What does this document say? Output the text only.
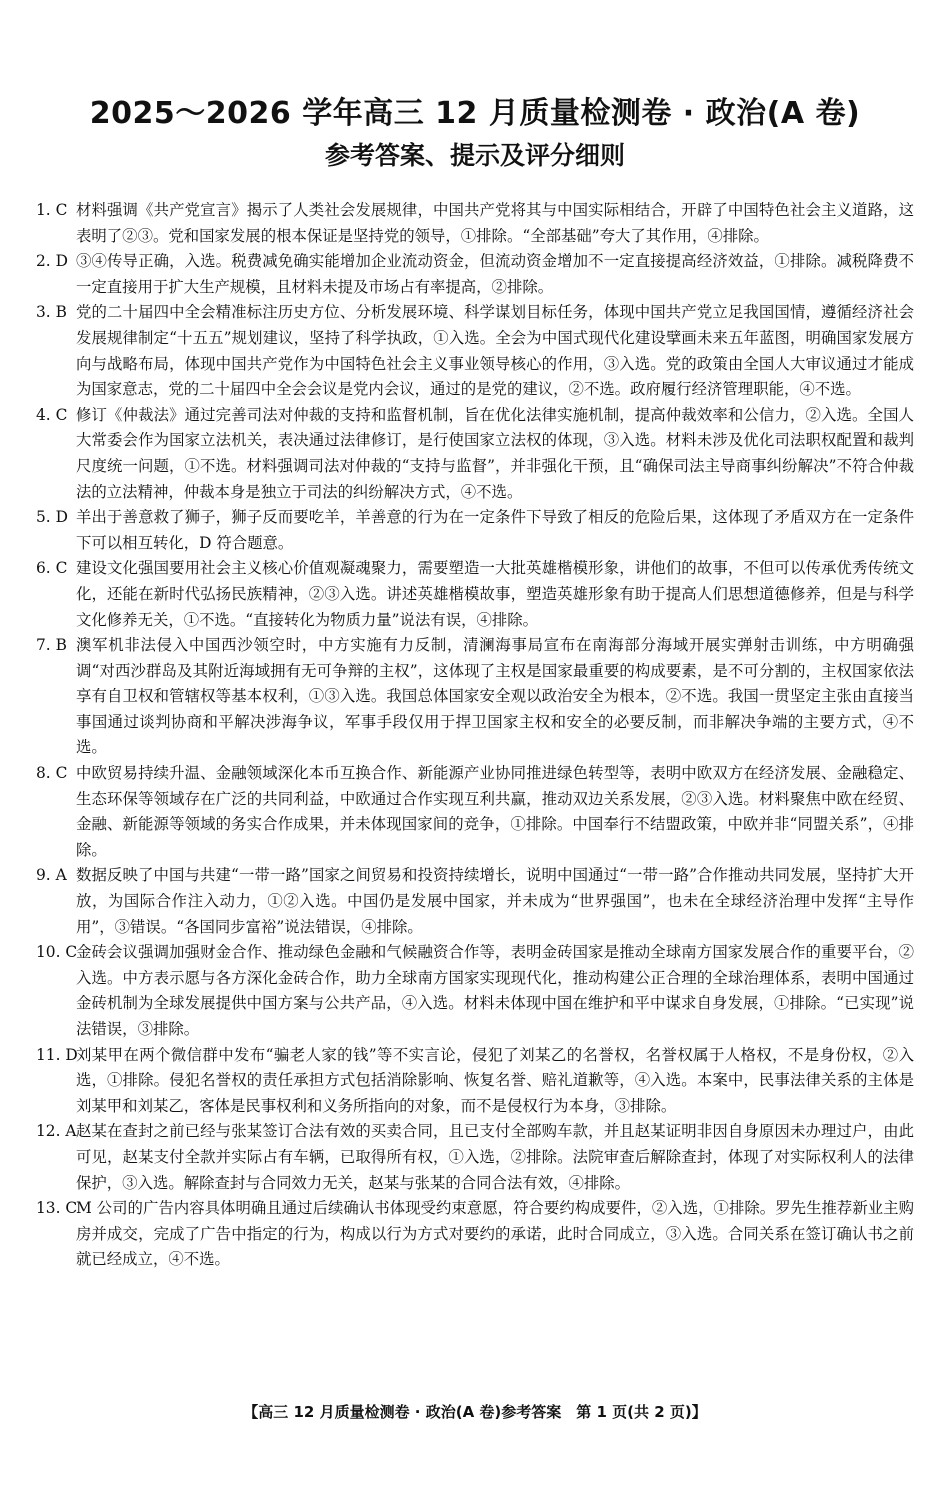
2025～2026 学年高三 12 月质量检测卷 · 政治(A 卷)
参考答案、提示及评分细则
1. C 材料强调《共产党宣言》揭示了人类社会发展规律，中国共产党将其与中国实际相结合，开辟了中国特色社会主义道路，这表明了②③。党和国家发展的根本保证是坚持党的领导，①排除。“全部基础”夸大了其作用，④排除。
2. D ③④传导正确，入选。税费减免确实能增加企业流动资金，但流动资金增加不一定直接提高经济效益，①排除。减税降费不一定直接用于扩大生产规模，且材料未提及市场占有率提高，②排除。
3. B 党的二十届四中全会精准标注历史方位、分析发展环境、科学谋划目标任务，体现中国共产党立足我国国情，遵循经济社会发展规律制定“十五五”规划建议，坚持了科学执政，①入选。全会为中国式现代化建设擘画未来五年蓝图，明确国家发展方向与战略布局，体现中国共产党作为中国特色社会主义事业领导核心的作用，③入选。党的政策由全国人大审议通过才能成为国家意志，党的二十届四中全会会议是党内会议，通过的是党的建议，②不选。政府履行经济管理职能，④不选。
4. C 修订《仲裁法》通过完善司法对仲裁的支持和监督机制，旨在优化法律实施机制，提高仲裁效率和公信力，②入选。全国人大常委会作为国家立法机关，表决通过法律修订，是行使国家立法权的体现，③入选。材料未涉及优化司法职权配置和裁判尺度统一问题，①不选。材料强调司法对仲裁的“支持与监督”，并非强化干预，且“确保司法主导商事纠纷解决”不符合仲裁法的立法精神，仲裁本身是独立于司法的纠纷解决方式，④不选。
5. D 羊出于善意救了狮子，狮子反而要吃羊，羊善意的行为在一定条件下导致了相反的危险后果，这体现了矛盾双方在一定条件下可以相互转化，D 符合题意。
6. C 建设文化强国要用社会主义核心价值观凝魂聚力，需要塑造一大批英雄楷模形象，讲他们的故事，不但可以传承优秀传统文化，还能在新时代弘扬民族精神，②③入选。讲述英雄楷模故事，塑造英雄形象有助于提高人们思想道德修养，但是与科学文化修养无关，①不选。“直接转化为物质力量”说法有误，④排除。
7. B 澳军机非法侵入中国西沙领空时，中方实施有力反制，清澜海事局宣布在南海部分海域开展实弹射击训练，中方明确强调“对西沙群岛及其附近海域拥有无可争辩的主权”，这体现了主权是国家最重要的构成要素，是不可分割的，主权国家依法享有自卫权和管辖权等基本权利，①③入选。我国总体国家安全观以政治安全为根本，②不选。我国一贯坚定主张由直接当事国通过谈判协商和平解决涉海争议，军事手段仅用于捍卫国家主权和安全的必要反制，而非解决争端的主要方式，④不选。
8. C 中欧贸易持续升温、金融领域深化本币互换合作、新能源产业协同推进绿色转型等，表明中欧双方在经济发展、金融稳定、生态环保等领域存在广泛的共同利益，中欧通过合作实现互利共赢，推动双边关系发展，②③入选。材料聚焦中欧在经贸、金融、新能源等领域的务实合作成果，并未体现国家间的竞争，①排除。中国奉行不结盟政策，中欧并非“同盟关系”，④排除。
9. A 数据反映了中国与共建“一带一路”国家之间贸易和投资持续增长，说明中国通过“一带一路”合作推动共同发展，坚持扩大开放，为国际合作注入动力，①②入选。中国仍是发展中国家，并未成为“世界强国”，也未在全球经济治理中发挥“主导作用”，③错误。“各国同步富裕”说法错误，④排除。
10. C
金砖会议强调加强财金合作、推动绿色金融和气候融资合作等，表明金砖国家是推动全球南方国家发展合作的重要平台，②入选。中方表示愿与各方深化金砖合作，助力全球南方国家实现现代化，推动构建公正合理的全球治理体系，表明中国通过金砖机制为全球发展提供中国方案与公共产品，④入选。材料未体现中国在维护和平中谋求自身发展，①排除。“已实现”说法错误，③排除。
11. D
刘某甲在两个微信群中发布“骗老人家的钱”等不实言论，侵犯了刘某乙的名誉权，名誉权属于人格权，不是身份权，②入选，①排除。侵犯名誉权的责任承担方式包括消除影响、恢复名誉、赔礼道歉等，④入选。本案中，民事法律关系的主体是刘某甲和刘某乙，客体是民事权利和义务所指向的对象，而不是侵权行为本身，③排除。
12. A 赵某在查封之前已经与张某签订合法有效的买卖合同，且已支付全部购车款，并且赵某证明非因自身原因未办理过户，由此可见，赵某支付全款并实际占有车辆，已取得所有权，①入选，②排除。法院审查后解除查封，体现了对实际权利人的法律保护，③入选。解除查封与合同效力无关，赵某与张某的合同合法有效，④排除。
13. C
M 公司的广告内容具体明确且通过后续确认书体现受约束意愿，符合要约构成要件，②入选，①排除。罗先生推荐新业主购房并成交，完成了广告中指定的行为，构成以行为方式对要约的承诺，此时合同成立，③入选。合同关系在签订确认书之前就已经成立，④不选。
【高三 12 月质量检测卷 · 政治(A 卷)参考答案　第 1 页(共 2 页)】
